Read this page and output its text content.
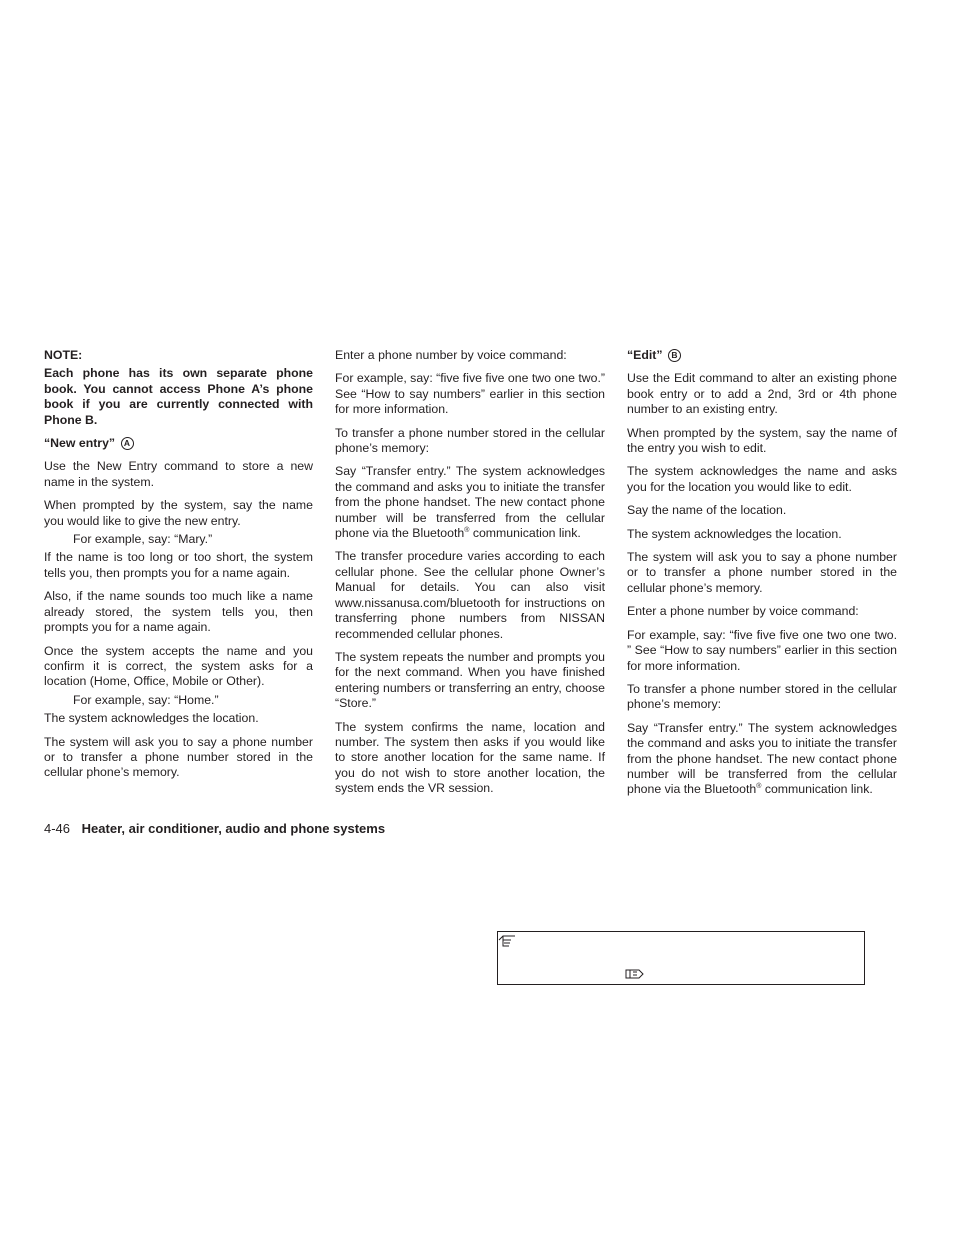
NOTE:

Each phone has its own separate phone book. You cannot access Phone A’s phone book if you are currently connected with Phone B.

“New entry” A

Use the New Entry command to store a new name in the system.

When prompted by the system, say the name you would like to give the new entry.

For example, say: “Mary.”

If the name is too long or too short, the system tells you, then prompts you for a name again.

Also, if the name sounds too much like a name already stored, the system tells you, then prompts you for a name again.

Once the system accepts the name and you confirm it is correct, the system asks for a location (Home, Office, Mobile or Other).

For example, say: “Home.”

The system acknowledges the location.

The system will ask you to say a phone number or to transfer a phone number stored in the cellular phone’s memory.

Enter a phone number by voice command:

For example, say: “five five five one two one two.” See “How to say numbers” earlier in this section for more information.

To transfer a phone number stored in the cellular phone’s memory:

Say “Transfer entry.” The system acknowledges the command and asks you to initiate the transfer from the phone handset. The new contact phone number will be transferred from the cellular phone via the Bluetooth® communication link.

The transfer procedure varies according to each cellular phone. See the cellular phone Owner’s Manual for details. You can also visit www.nissanusa.com/bluetooth for instructions on transferring phone numbers from NISSAN recommended cellular phones.

The system repeats the number and prompts you for the next command. When you have finished entering numbers or transferring an entry, choose “Store.”

The system confirms the name, location and number. The system then asks if you would like to store another location for the same name. If you do not wish to store another location, the system ends the VR session.

“Edit” B

Use the Edit command to alter an existing phone book entry or to add a 2nd, 3rd or 4th phone number to an existing entry.

When prompted by the system, say the name of the entry you wish to edit.

The system acknowledges the name and asks you for the location you would like to edit.

Say the name of the location.

The system acknowledges the location.

The system will ask you to say a phone number or to transfer a phone number stored in the cellular phone’s memory.

Enter a phone number by voice command:

For example, say: “five five five one two one two. ” See “How to say numbers” earlier in this section for more information.

To transfer a phone number stored in the cellular phone’s memory:

Say “Transfer entry.” The system acknowledges the command and asks you to initiate the transfer from the phone handset. The new contact phone number will be transferred from the cellular phone via the Bluetooth® communication link.

4-46 Heater, air conditioner, audio and phone systems
